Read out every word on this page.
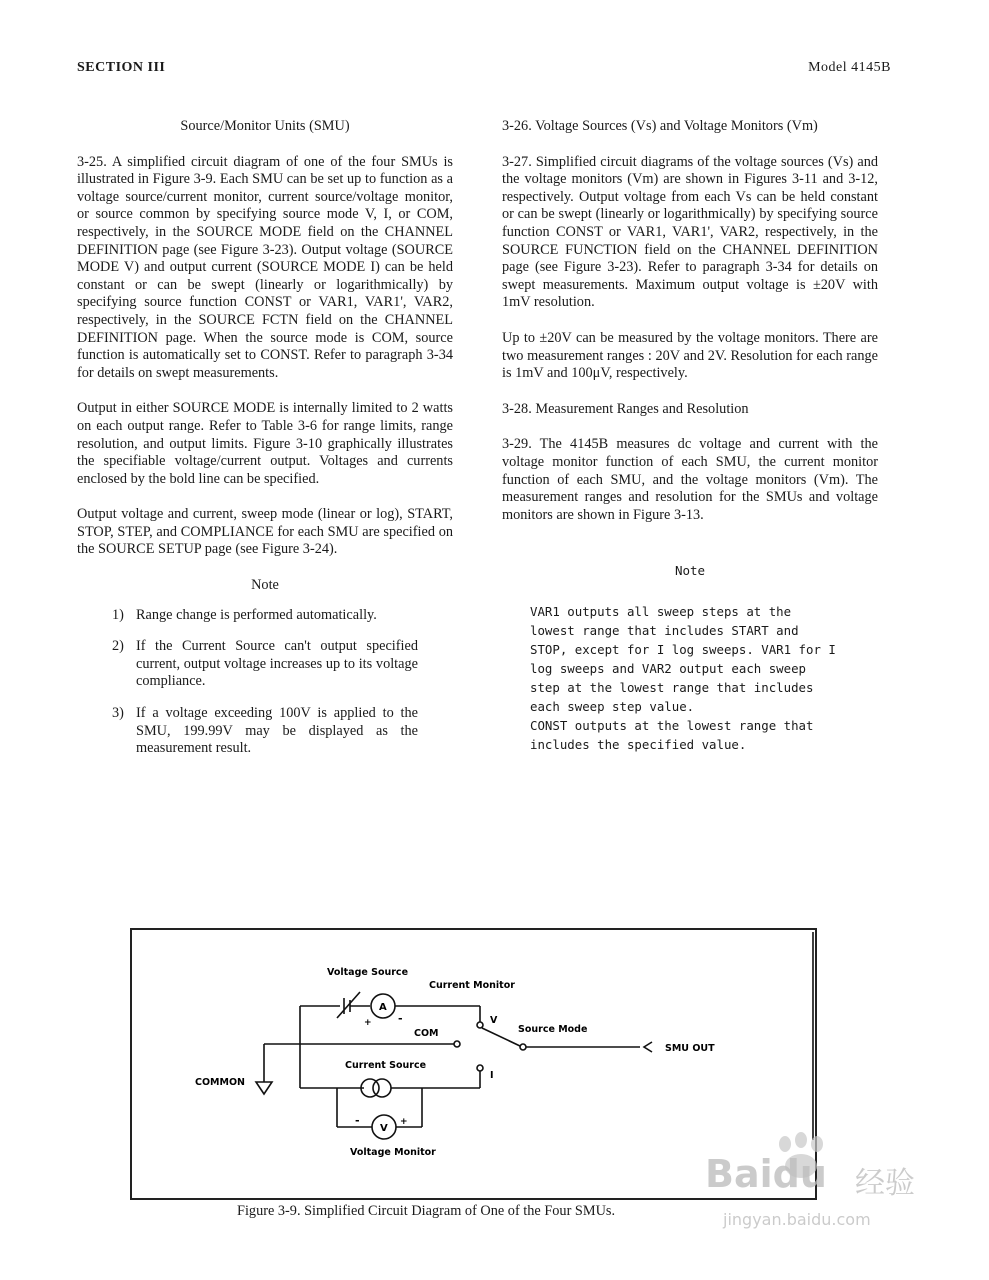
SECTION III	Model 4145B
Source/Monitor Units (SMU)

3-25. A simplified circuit diagram of one of the four SMUs is illustrated in Figure 3-9. Each SMU can be set up to function as a voltage source/current monitor, current source/voltage monitor, or source common by specifying source mode V, I, or COM, respectively, in the SOURCE MODE field on the CHANNEL DEFINITION page (see Figure 3-23). Output voltage (SOURCE MODE V) and output current (SOURCE MODE I) can be held constant or can be swept (linearly or logarithmically) by specifying source function CONST or VAR1, VAR1', VAR2, respectively, in the SOURCE FCTN field on the CHANNEL DEFINITION page. When the source mode is COM, source function is automatically set to CONST. Refer to paragraph 3-34 for details on swept measurements.

Output in either SOURCE MODE is internally limited to 2 watts on each output range. Refer to Table 3-6 for range limits, range resolution, and output limits. Figure 3-10 graphically illustrates the specifiable voltage/current output. Voltages and currents enclosed by the bold line can be specified.

Output voltage and current, sweep mode (linear or log), START, STOP, STEP, and COMPLIANCE for each SMU are specified on the SOURCE SETUP page (see Figure 3-24).

Note
1) Range change is performed automatically.
2) If the Current Source can't output specified current, output voltage increases up to its voltage compliance.
3) If a voltage exceeding 100V is applied to the SMU, 199.99V may be displayed as the measurement result.
3-26. Voltage Sources (Vs) and Voltage Monitors (Vm)

3-27. Simplified circuit diagrams of the voltage sources (Vs) and the voltage monitors (Vm) are shown in Figures 3-11 and 3-12, respectively. Output voltage from each Vs can be held constant or can be swept (linearly or logarithmically) by specifying source function CONST or VAR1, VAR1', VAR2, respectively, in the SOURCE FUNCTION field on the CHANNEL DEFINITION page (see Figure 3-23). Refer to paragraph 3-34 for details on swept measurements. Maximum output voltage is ±20V with 1mV resolution.

Up to ±20V can be measured by the voltage monitors. There are two measurement ranges : 20V and 2V. Resolution for each range is 1mV and 100μV, respectively.

3-28. Measurement Ranges and Resolution

3-29. The 4145B measures dc voltage and current with the voltage monitor function of each SMU, the current monitor function of each SMU, and the voltage monitors (Vm). The measurement ranges and resolution for the SMUs and voltage monitors are shown in Figure 3-13.

Note

VAR1 outputs all sweep steps at the lowest range that includes START and STOP, except for I log sweeps. VAR1 for I log sweeps and VAR2 output each sweep step at the lowest range that includes each sweep step value.

CONST outputs at the lowest range that includes the specified value.

Voltage Source
Current Monitor
A
+ -	V
COM	Source Mode
SMU OUT
Current Source
I
COMMON
V
-	+
Voltage Monitor
Figure 3-9. Simplified Circuit Diagram of One of the Four SMUs.
Baidu 经验
jingyan.baidu.com
